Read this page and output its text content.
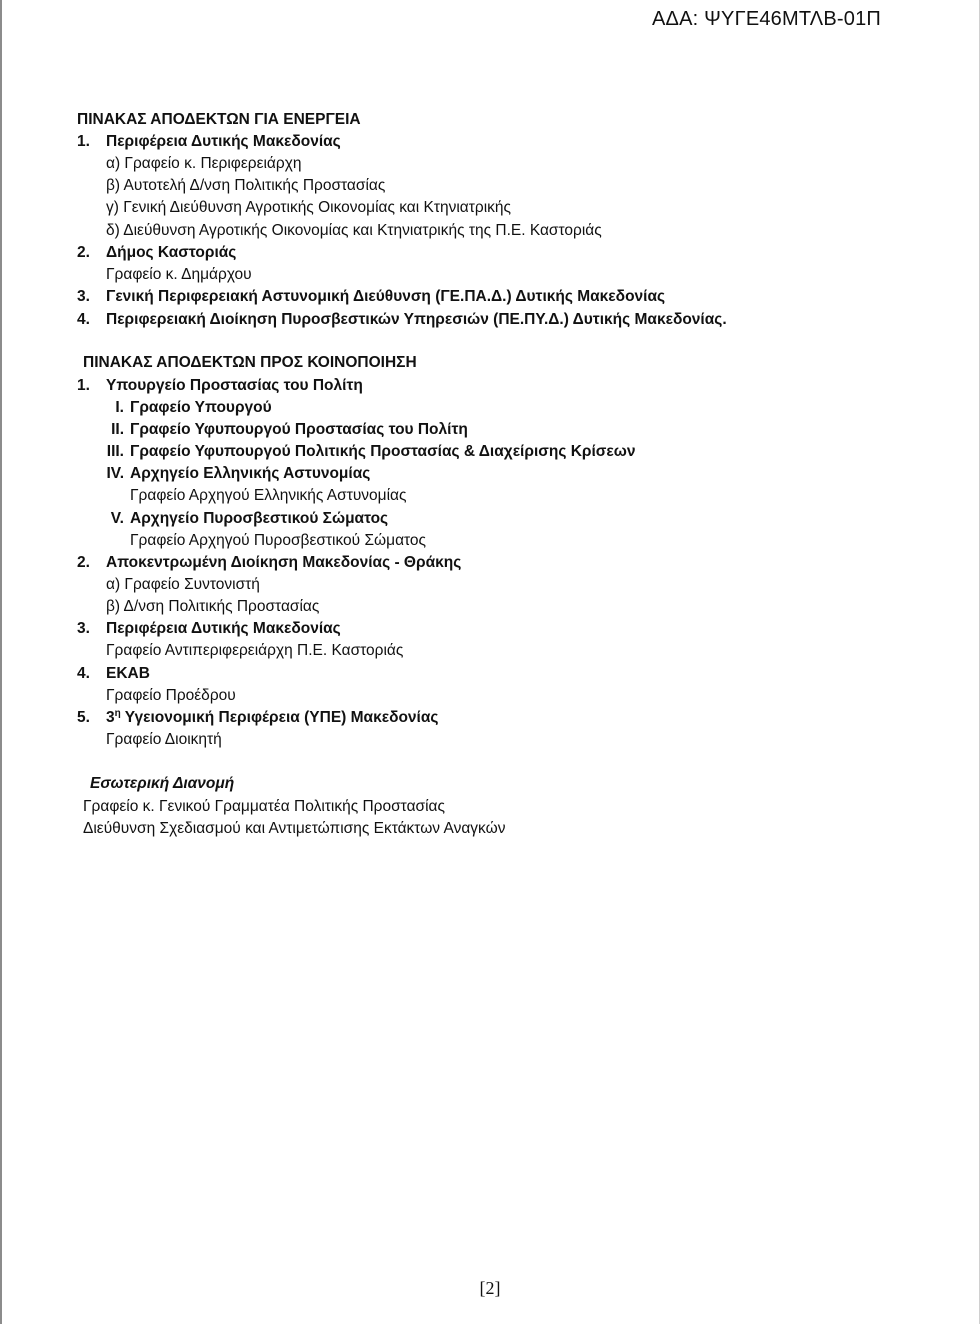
ΑΔΑ: ΨΥΓΕ46ΜΤΛΒ-01Π
ΠΙΝΑΚΑΣ ΑΠΟΔΕΚΤΩΝ ΓΙΑ ΕΝΕΡΓΕΙΑ
1. Περιφέρεια Δυτικής Μακεδονίας
α) Γραφείο κ. Περιφερειάρχη
β) Αυτοτελή Δ/νση Πολιτικής Προστασίας
γ) Γενική Διεύθυνση Αγροτικής Οικονομίας και Κτηνιατρικής
δ) Διεύθυνση Αγροτικής Οικονομίας και Κτηνιατρικής της Π.Ε. Καστοριάς
2. Δήμος Καστοριάς
Γραφείο κ. Δημάρχου
3. Γενική Περιφερειακή Αστυνομική Διεύθυνση (ΓΕ.ΠΑ.Δ.) Δυτικής Μακεδονίας
4. Περιφερειακή Διοίκηση Πυροσβεστικών Υπηρεσιών (ΠΕ.ΠΥ.Δ.) Δυτικής Μακεδονίας.
ΠΙΝΑΚΑΣ ΑΠΟΔΕΚΤΩΝ ΠΡΟΣ ΚΟΙΝΟΠΟΙΗΣΗ
1. Υπουργείο Προστασίας του Πολίτη
I. Γραφείο Υπουργού
II. Γραφείο Υφυπουργού Προστασίας του Πολίτη
III. Γραφείο Υφυπουργού Πολιτικής Προστασίας & Διαχείρισης Κρίσεων
IV. Αρχηγείο Ελληνικής Αστυνομίας
Γραφείο Αρχηγού Ελληνικής Αστυνομίας
V. Αρχηγείο Πυροσβεστικού Σώματος
Γραφείο Αρχηγού Πυροσβεστικού Σώματος
2. Αποκεντρωμένη Διοίκηση Μακεδονίας - Θράκης
α) Γραφείο Συντονιστή
β) Δ/νση Πολιτικής Προστασίας
3. Περιφέρεια Δυτικής Μακεδονίας
Γραφείο Αντιπεριφερειάρχη Π.Ε. Καστοριάς
4. ΕΚΑΒ
Γραφείο Προέδρου
5. $3^\eta$ Υγειονομική Περιφέρεια (ΥΠΕ) Μακεδονίας
Γραφείο Διοικητή
Εσωτερική Διανομή
Γραφείο κ. Γενικού Γραμματέα Πολιτικής Προστασίας
Διεύθυνση Σχεδιασμού και Αντιμετώπισης Εκτάκτων Αναγκών
[2]
